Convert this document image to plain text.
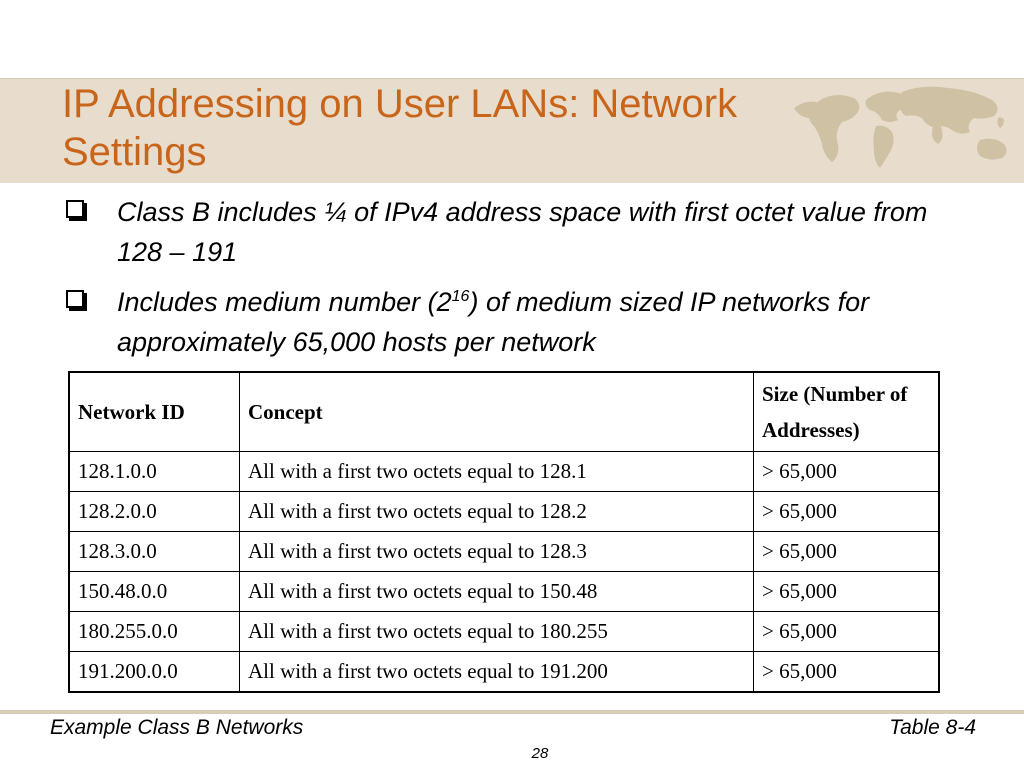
IP Addressing on User LANs: Network Settings
Class B includes ¼ of IPv4 address space with first octet value from 128 – 191
Includes medium number $(2^{16})$ of medium sized IP networks for approximately 65,000 hosts per network
Network ID	Concept	Size (Number of Addresses)
128.1.0.0	All with a first two octets equal to 128.1	> 65,000
128.2.0.0	All with a first two octets equal to 128.2	> 65,000
128.3.0.0	All with a first two octets equal to 128.3	> 65,000
150.48.0.0	All with a first two octets equal to 150.48	> 65,000
180.255.0.0	All with a first two octets equal to 180.255	> 65,000
191.200.0.0	All with a first two octets equal to 191.200	> 65,000
Example Class B Networks	Table 8-4
28
